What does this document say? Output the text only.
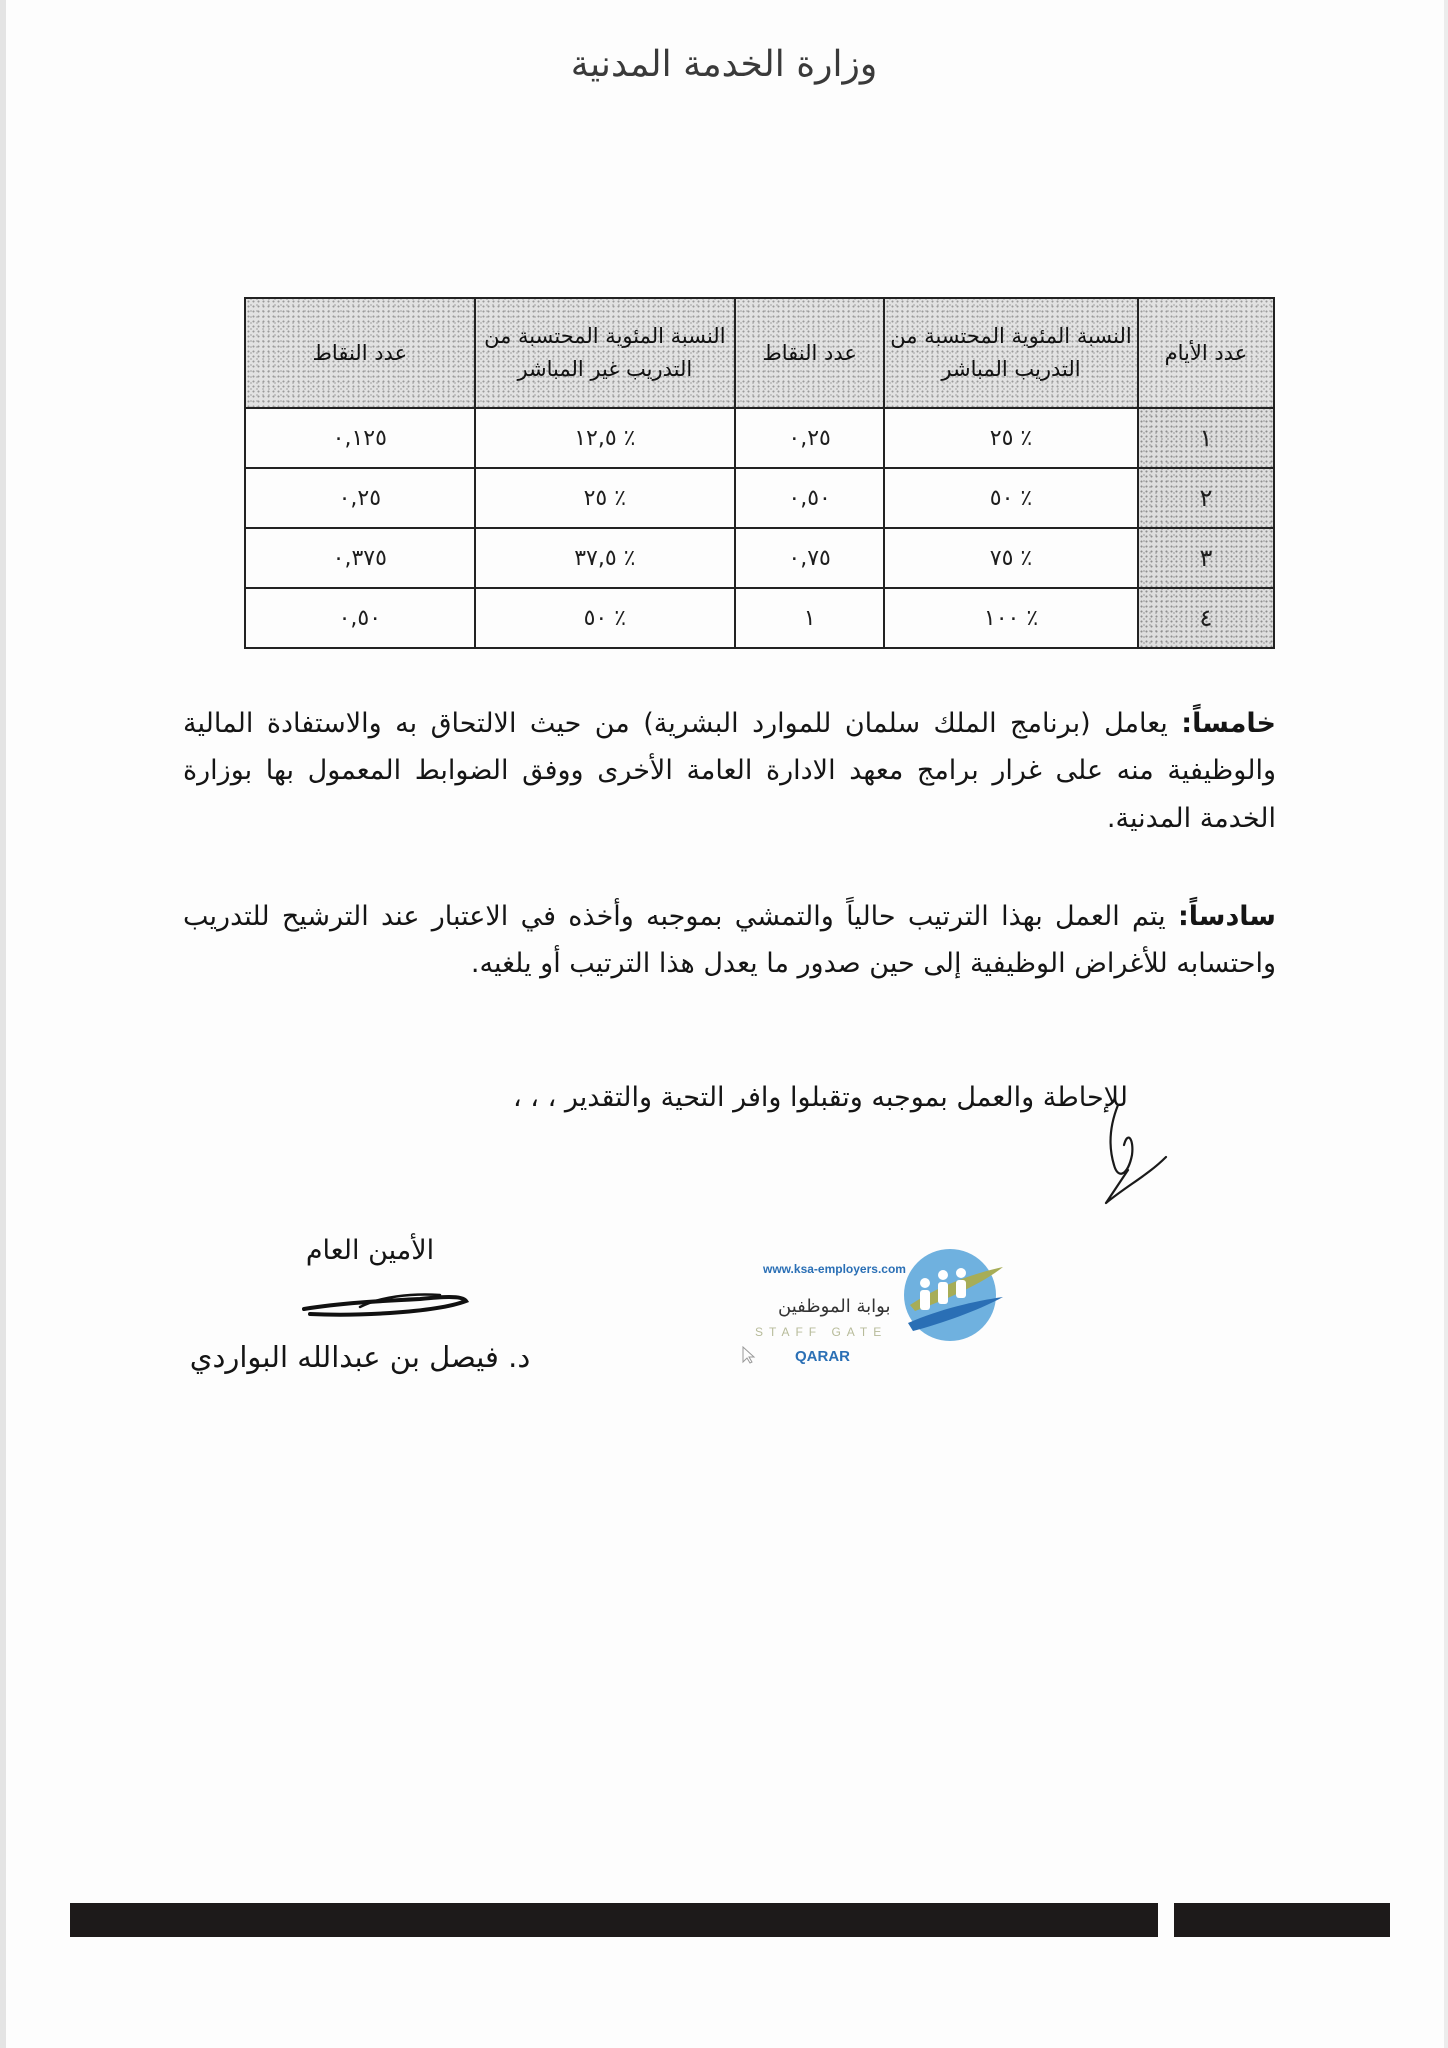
وزارة الخدمة المدنية
عدد الأيام	النسبة المئوية المحتسبة من التدريب المباشر	عدد النقاط	النسبة المئوية المحتسبة من التدريب غير المباشر	عدد النقاط
١	٪ ٢٥	٠,٢٥	٪ ١٢,٥	٠,١٢٥
٢	٪ ٥٠	٠,٥٠	٪ ٢٥	٠,٢٥
٣	٪ ٧٥	٠,٧٥	٪ ٣٧,٥	٠,٣٧٥
٤	٪ ١٠٠	١	٪ ٥٠	٠,٥٠
خامساً: يعامل (برنامج الملك سلمان للموارد البشرية) من حيث الالتحاق به والاستفادة المالية والوظيفية منه على غرار برامج معهد الادارة العامة الأخرى ووفق الضوابط المعمول بها بوزارة الخدمة المدنية.
سادساً: يتم العمل بهذا الترتيب حالياً والتمشي بموجبه وأخذه في الاعتبار عند الترشيح للتدريب واحتسابه للأغراض الوظيفية إلى حين صدور ما يعدل هذا الترتيب أو يلغيه.
للإحاطة والعمل بموجبه وتقبلوا وافر التحية والتقدير ، ، ،
الأمين العام
د. فيصل بن عبدالله البواردي
www.ksa-employers.com
بوابة الموظفين
STAFF GATE
QARAR
